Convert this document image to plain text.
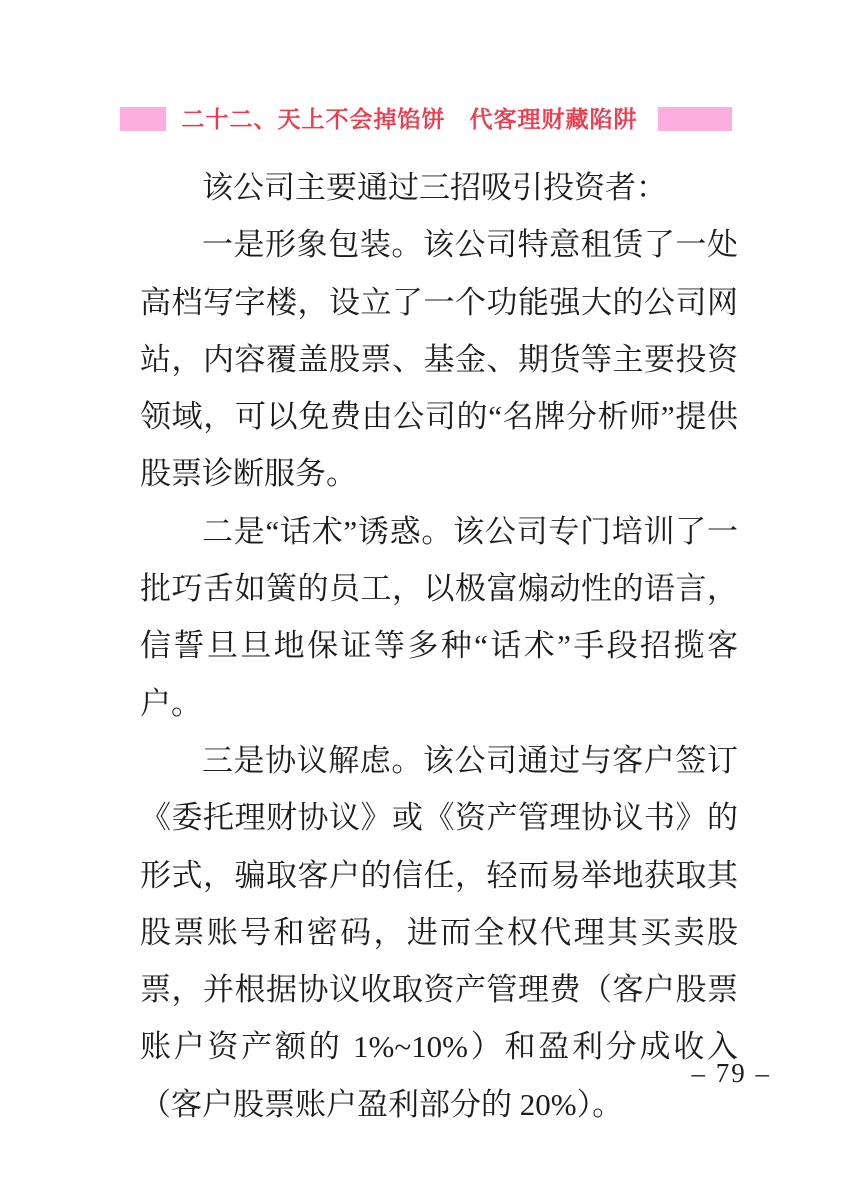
二十二、天上不会掉馅饼　代客理财藏陷阱

该公司主要通过三招吸引投资者：

一是形象包装。该公司特意租赁了一处高档写字楼，设立了一个功能强大的公司网站，内容覆盖股票、基金、期货等主要投资领域，可以免费由公司的“名牌分析师”提供股票诊断服务。

二是“话术”诱惑。该公司专门培训了一批巧舌如簧的员工，以极富煽动性的语言，信誓旦旦地保证等多种“话术”手段招揽客户。

三是协议解虑。该公司通过与客户签订《委托理财协议》或《资产管理协议书》的形式，骗取客户的信任，轻而易举地获取其股票账号和密码，进而全权代理其买卖股票，并根据协议收取资产管理费（客户股票账户资产额的 1%~10%）和盈利分成收入（客户股票账户盈利部分的 20%）。

– 79 –
